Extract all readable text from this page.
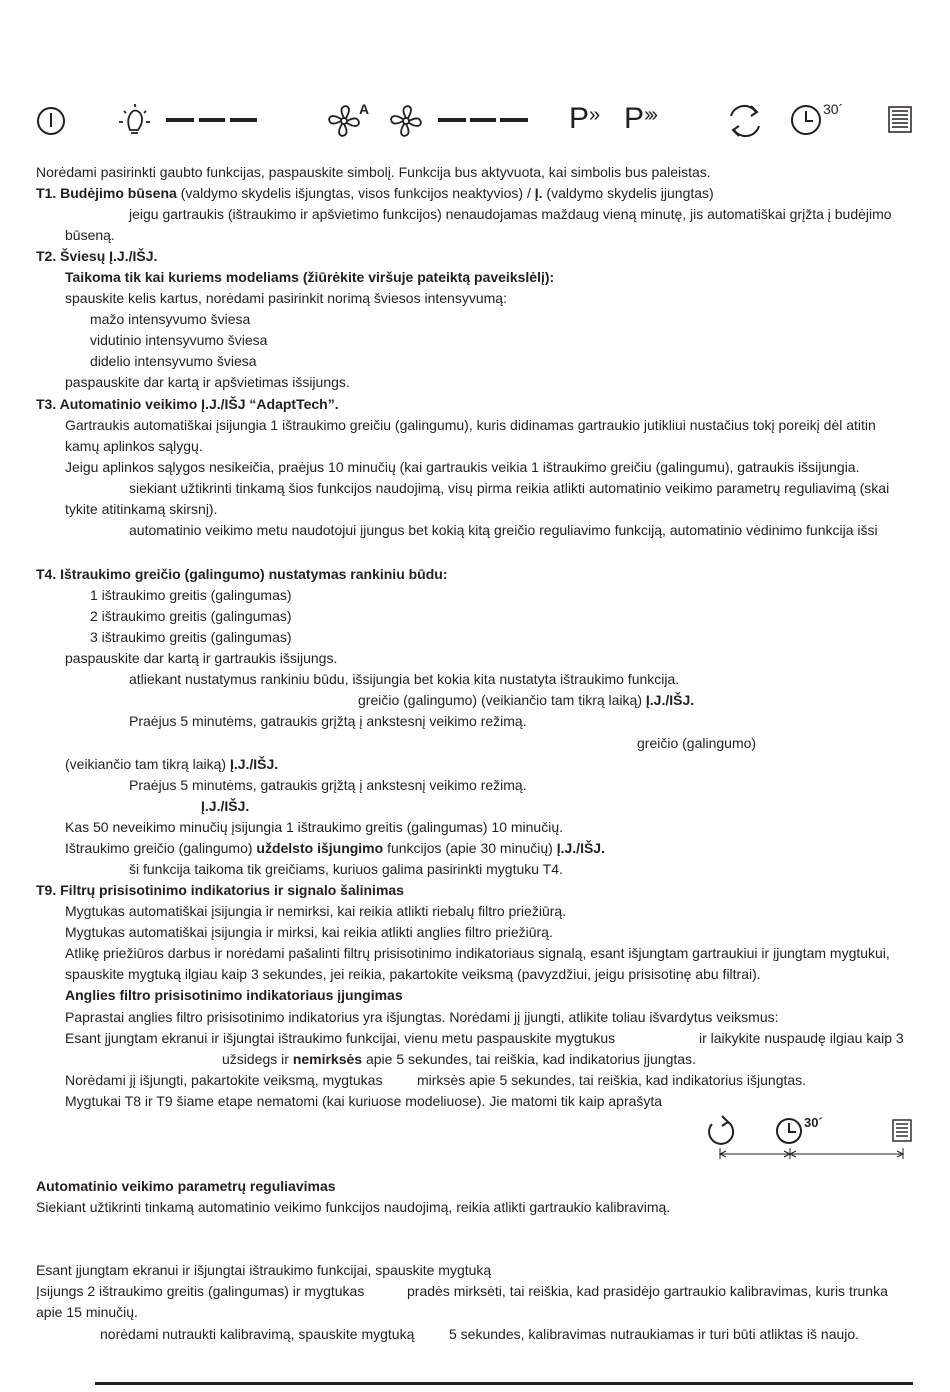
A	P» P›››	30´
Norėdami pasirinkti gaubto funkcijas, paspauskite simbolį. Funkcija bus aktyvuota, kai simbolis bus paleistas.
T1. Budėjimo būsena (valdymo skydelis išjungtas, visos funkcijos neaktyvios) / Į. (valdymo skydelis įjungtas)
jeigu gartraukis (ištraukimo ir apšvietimo funkcijos) nenaudojamas maždaug vieną minutę, jis automatiškai grįžta į budėjimo
būseną.
T2. Šviesų Į.J./IŠJ.
Taikoma tik kai kuriems modeliams (žiūrėkite viršuje pateiktą paveikslėlį):
spauskite kelis kartus, norėdami pasirinkit norimą šviesos intensyvumą:
mažo intensyvumo šviesa
vidutinio intensyvumo šviesa
didelio intensyvumo šviesa
paspauskite dar kartą ir apšvietimas išsijungs.
T3. Automatinio veikimo Į.J./IŠJ “AdaptTech”.
Gartraukis automatiškai įsijungia 1 ištraukimo greičiu (galingumu), kuris didinamas gartraukio jutikliui nustačius tokį poreikį dėl atitin
kamų aplinkos sąlygų.
Jeigu aplinkos sąlygos nesikeičia, praėjus 10 minučių (kai gartraukis veikia 1 ištraukimo greičiu (galingumu), gatraukis išsijungia.
siekiant užtikrinti tinkamą šios funkcijos naudojimą, visų pirma reikia atlikti automatinio veikimo parametrų reguliavimą (skai
tykite atitinkamą skirsnį).
automatinio veikimo metu naudotojui įjungus bet kokią kitą greičio reguliavimo funkciją, automatinio vėdinimo funkcija išsi
T4. Ištraukimo greičio (galingumo) nustatymas rankiniu būdu:
1 ištraukimo greitis (galingumas)
2 ištraukimo greitis (galingumas)
3 ištraukimo greitis (galingumas)
paspauskite dar kartą ir gartraukis išsijungs.
atliekant nustatymus rankiniu būdu, išsijungia bet kokia kita nustatyta ištraukimo funkcija.
greičio (galingumo) (veikiančio tam tikrą laiką) Į.J./IŠJ.
Praėjus 5 minutėms, gatraukis grįžtą į ankstesnį veikimo režimą.
greičio (galingumo)
(veikiančio tam tikrą laiką) Į.J./IŠJ.
Praėjus 5 minutėms, gatraukis grįžtą į ankstesnį veikimo režimą.
Į.J./IŠJ.
Kas 50 neveikimo minučių įsijungia 1 ištraukimo greitis (galingumas) 10 minučių.
Ištraukimo greičio (galingumo) uždelsto išjungimo funkcijos (apie 30 minučių) Į.J./IŠJ.
ši funkcija taikoma tik greičiams, kuriuos galima pasirinkti mygtuku T4.
T9. Filtrų prisisotinimo indikatorius ir signalo šalinimas
Mygtukas automatiškai įsijungia ir nemirksi, kai reikia atlikti riebalų filtro priežiūrą.
Mygtukas automatiškai įsijungia ir mirksi, kai reikia atlikti anglies filtro priežiūrą.
Atlikę priežiūros darbus ir norėdami pašalinti filtrų prisisotinimo indikatoriaus signalą, esant išjungtam gartraukiui ir įjungtam mygtukui,
spauskite mygtuką ilgiau kaip 3 sekundes, jei reikia, pakartokite veiksmą (pavyzdžiui, jeigu prisisotinę abu filtrai).
Anglies filtro prisisotinimo indikatoriaus įjungimas
Paprastai anglies filtro prisisotinimo indikatorius yra išjungtas. Norėdami jį įjungti, atlikite toliau išvardytus veiksmus:
Esant įjungtam ekranui ir išjungtai ištraukimo funkcijai, vienu metu paspauskite mygtukus	ir laikykite nuspaudę ilgiau kaip 3
užsidegs ir nemirksės apie 5 sekundes, tai reiškia, kad indikatorius įjungtas.
Norėdami jį išjungti, pakartokite veiksmą, mygtukas mirksės apie 5 sekundes, tai reiškia, kad indikatorius išjungtas.
Mygtukai T8 ir T9 šiame etape nematomi (kai kuriuose modeliuose). Jie matomi tik kaip aprašyta
Automatinio veikimo parametrų reguliavimas
Siekiant užtikrinti tinkamą automatinio veikimo funkcijos naudojimą, reikia atlikti gartraukio kalibravimą.
Esant įjungtam ekranui ir išjungtai ištraukimo funkcijai, spauskite mygtuką
Įsijungs 2 ištraukimo greitis (galingumas) ir mygtukas	pradės mirksėti, tai reiškia, kad prasidėjo gartraukio kalibravimas, kuris trunka
apie 15 minučių.
norėdami nutraukti kalibravimą, spauskite mygtuką 5 sekundes, kalibravimas nutraukiamas ir turi būti atliktas iš naujo.
30´
